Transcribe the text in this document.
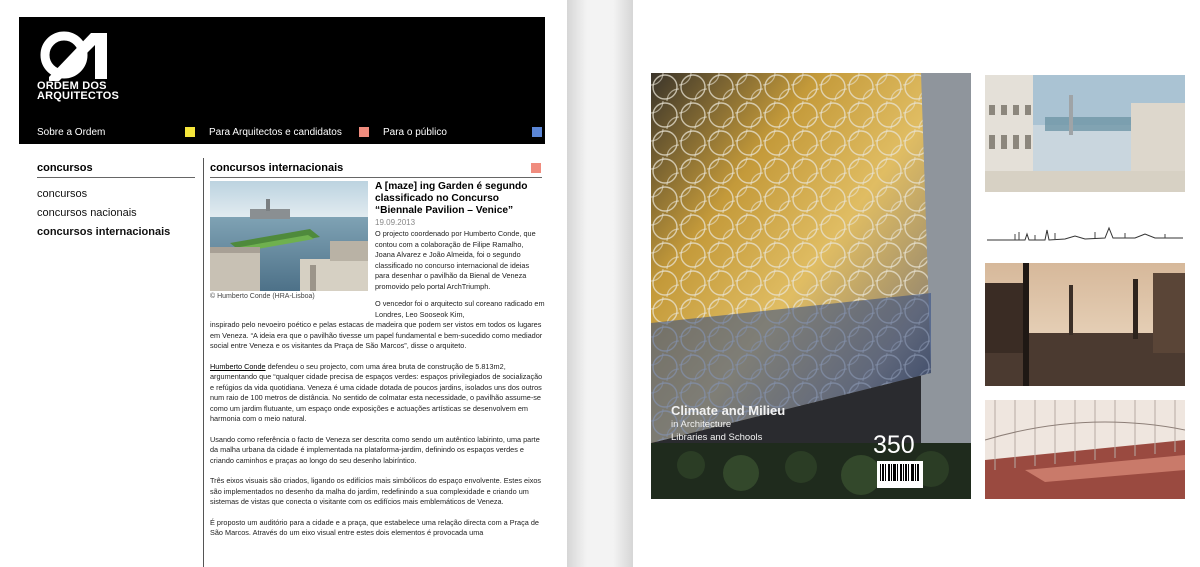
ORDEM DOS
ARQUITECTOS
Sobre a Ordem	Para Arquitectos e candidatos	Para o público
concursos
concursos
concursos nacionais
concursos internacionais
concursos internacionais
© Humberto Conde (HRA-Lisboa)
A [maze] ing Garden é segundo classificado no Concurso “Biennale Pavilion – Venice”
19.09.2013
O projecto coordenado por Humberto Conde, que contou com a colaboração de Filipe Ramalho, Joana Alvarez e João Almeida, foi o segundo classificado no concurso internacional de ideias para desenhar o pavilhão da Bienal de Veneza promovido pelo portal ArchTriumph.
O vencedor foi o arquitecto sul coreano radicado em Londres, Leo Sooseok Kim,

inspirado pelo nevoeiro poético e pelas estacas de madeira que podem ser vistos em todos os lugares em Veneza. “A ideia era que o pavilhão tivesse um papel fundamental e bem-sucedido como mediador social entre Veneza e os visitantes da Praça de São Marcos”, disse o arquiteto.

Humberto Conde defendeu o seu projecto, com uma área bruta de construção de 5.813m2, argumentando que “qualquer cidade precisa de espaços verdes: espaços privilegiados de socialização e refúgios da vida quotidiana. Veneza é uma cidade dotada de poucos jardins, isolados uns dos outros num raio de 100 metros de distância. No sentido de colmatar esta necessidade, o pavilhão assume-se como um jardim flutuante, um espaço onde exposições e actuações artísticas se desenvolvem em harmonia com o meio natural.

Usando como referência o facto de Veneza ser descrita como sendo um autêntico labirinto, uma parte da malha urbana da cidade é implementada na plataforma-jardim, definindo os espaços verdes e criando caminhos e praças ao longo do seu desenho labiríntico.

Três eixos visuais são criados, ligando os edifícios mais simbólicos do espaço envolvente. Estes eixos são implementados no desenho da malha do jardim, redefinindo a sua complexidade e criando um sistemas de vistas que conecta o visitante com os edifícios mais emblemáticos de Veneza.

É proposto um auditório para a cidade e a praça, que estabelece uma relação directa com a Praça de São Marcos. Através do um eixo visual entre estes dois elementos é provocada uma

Climate and Milieu
in Architecture
Libraries and Schools	350
